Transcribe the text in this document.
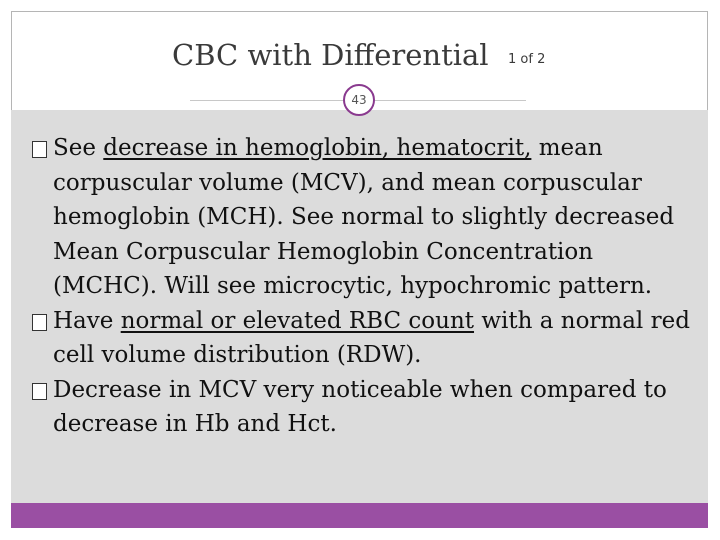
CBC with Differential 1 of 2
43
See decrease in hemoglobin, hematocrit, mean corpuscular volume (MCV), and mean corpuscular hemoglobin (MCH). See normal to slightly decreased Mean Corpuscular Hemoglobin Concentration (MCHC). Will see microcytic, hypochromic pattern.
Have normal or elevated RBC count with a normal red cell volume distribution (RDW).
Decrease in MCV very noticeable when compared to decrease in Hb and Hct.
